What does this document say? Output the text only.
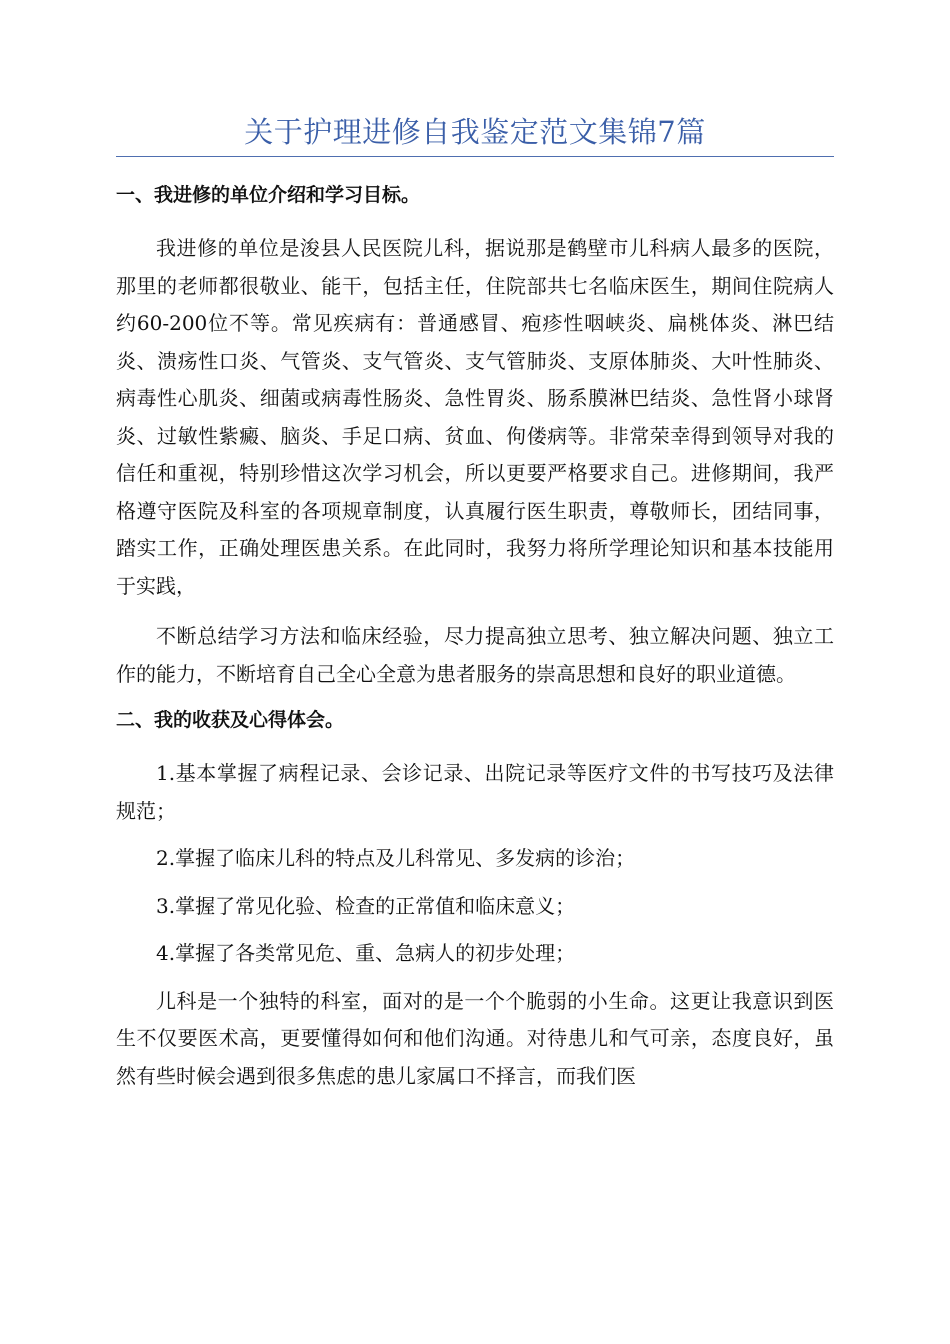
关于护理进修自我鉴定范文集锦7篇
一、我进修的单位介绍和学习目标。

我进修的单位是浚县人民医院儿科，据说那是鹤壁市儿科病人最多的医院，那里的老师都很敬业、能干，包括主任，住院部共七名临床医生，期间住院病人约60-200位不等。常见疾病有：普通感冒、疱疹性咽峡炎、扁桃体炎、淋巴结炎、溃疡性口炎、气管炎、支气管炎、支气管肺炎、支原体肺炎、大叶性肺炎、病毒性心肌炎、细菌或病毒性肠炎、急性胃炎、肠系膜淋巴结炎、急性肾小球肾炎、过敏性紫癜、脑炎、手足口病、贫血、佝偻病等。非常荣幸得到领导对我的信任和重视，特别珍惜这次学习机会，所以更要严格要求自己。进修期间，我严格遵守医院及科室的各项规章制度，认真履行医生职责，尊敬师长，团结同事，踏实工作，正确处理医患关系。在此同时，我努力将所学理论知识和基本技能用于实践，

不断总结学习方法和临床经验，尽力提高独立思考、独立解决问题、独立工作的能力，不断培育自己全心全意为患者服务的崇高思想和良好的职业道德。

二、我的收获及心得体会。

1.基本掌握了病程记录、会诊记录、出院记录等医疗文件的书写技巧及法律规范；

2.掌握了临床儿科的特点及儿科常见、多发病的诊治；

3.掌握了常见化验、检查的正常值和临床意义；

4.掌握了各类常见危、重、急病人的初步处理；

儿科是一个独特的科室，面对的是一个个脆弱的小生命。这更让我意识到医生不仅要医术高，更要懂得如何和他们沟通。对待患儿和气可亲，态度良好，虽然有些时候会遇到很多焦虑的患儿家属口不择言，而我们医
